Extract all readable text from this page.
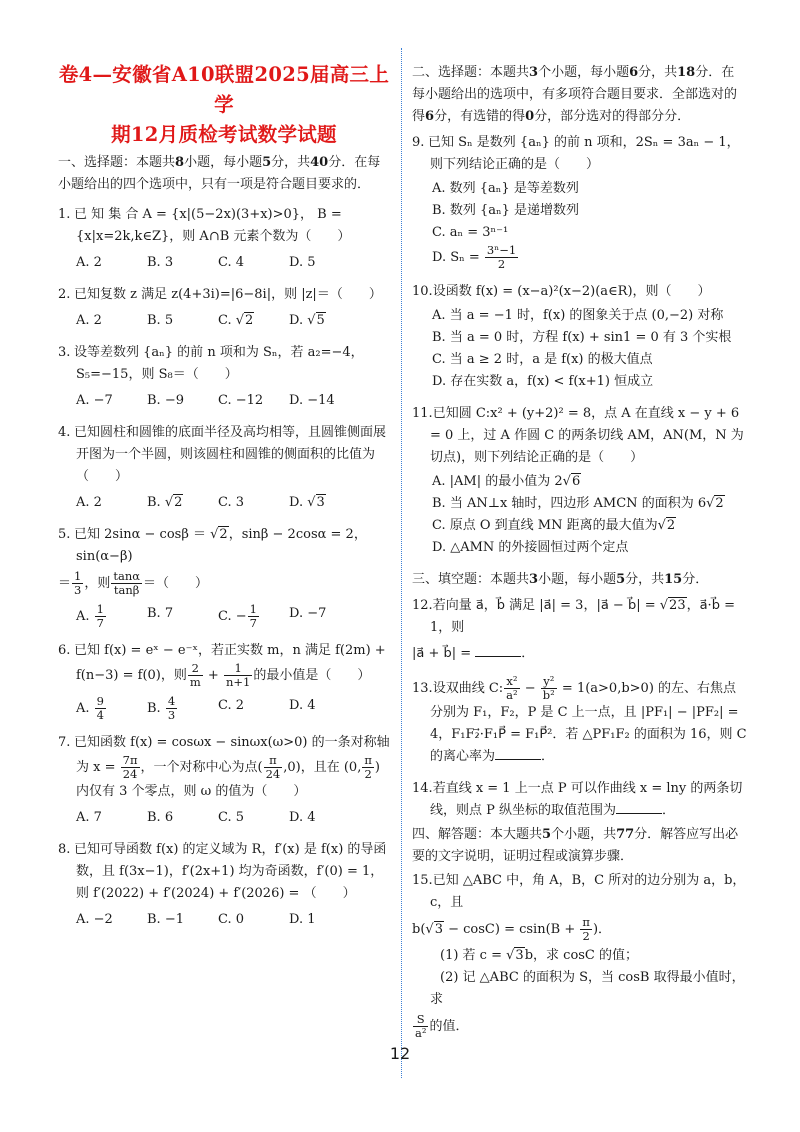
卷4—安徽省A10联盟2025届高三上学
期12月质检考试数学试题

一、选择题：本题共8小题，每小题5分，共40分．在每小题给出的四个选项中，只有一项是符合题目要求的．

1. 已 知 集 合 A = {x|(5−2x)(3+x)>0}， B = {x|x=2k,k∈Z}，则 A∩B 元素个数为（　　）

A. 2	B. 3	C. 4	D. 5

2. 已知复数 z 满足 z(4+3i)=|6−8i|，则 |z|＝（　　）

A. 2	B. 5	C. √2	D. √5

3. 设等差数列 {aₙ} 的前 n 项和为 Sₙ，若 a₂=−4，S₅=−15，则 S₈＝（　　）

A. −7	B. −9	C. −12	D. −14

4. 已知圆柱和圆锥的底面半径及高均相等，且圆锥侧面展开图为一个半圆，则该圆柱和圆锥的侧面积的比值为（　　）

A. 2	B. √2	C. 3	D. √3

5. 已知 2sinα − cosβ ＝ √2，sinβ − 2cosα = 2，sin(α−β)

＝ $\frac{1}{3}$ ，则 $\frac{\tan\alpha}{\tan\beta}$ ＝（　　）

A. $\frac{1}{7}$	B. 7	C. − $\frac{1}{7} D$. −7

6. 已知 f(x) = eˣ − e⁻ˣ，若正实数 m，n 满足 f(2m) + f(n−3) = f(0)，则 $\frac{2}{m} + \frac{1}{n+1}$ 的最小值是（　　）

A. $\frac{9}{4}$	B. $\frac{4}{3}$	C. 2	D. 4

7. 已知函数 f(x) = cosωx − sinωx(ω>0) 的一条对称轴为 $x = \frac{7\pi}{24}$ ，一个对称中心为点( $\frac{\pi}{24} ,0$)，且在 (0, $\frac{\pi}{2}$ ) 内仅有 3 个零点，则 ω 的值为（　　）

A. 7	B. 6	C. 5	D. 4

8. 已知可导函数 f(x) 的定义域为 R，f′(x) 是 f(x) 的导函数，且 f(3x−1)，f′(2x+1) 均为奇函数，f′(0) = 1，则 f′(2022) + f′(2024) + f′(2026) = （　　）

A. −2	B. −1	C. 0	D. 1

二、选择题：本题共3个小题，每小题6分，共18分．在每小题给出的选项中，有多项符合题目要求．全部选对的得6分，有选错的得0分，部分选对的得部分分．

9. 已知 Sₙ 是数列 {aₙ} 的前 n 项和，2Sₙ = 3aₙ − 1，则下列结论正确的是（　　）

A. 数列 {aₙ} 是等差数列
B. 数列 {aₙ} 是递增数列
C. aₙ = 3ⁿ⁻¹
D. $S_n = \frac{\text{3ⁿ−1}}{2}$

10.设函数 f(x) = (x−a)²(x−2)(a∈R)，则（　　）

A. 当 a = −1 时，f(x) 的图象关于点 (0,−2) 对称
B. 当 a = 0 时，方程 f(x) + sin1 = 0 有 3 个实根
C. 当 a ≥ 2 时，a 是 f(x) 的极大值点
D. 存在实数 a，f(x) < f(x+1) 恒成立

11.已知圆 C:x² + (y+2)² = 8，点 A 在直线 x − y + 6 = 0 上，过 A 作圆 C 的两条切线 AM，AN(M，N 为切点)，则下列结论正确的是（　　）

A. |AM| 的最小值为 2√6
B. 当 AN⊥x 轴时，四边形 AMCN 的面积为 6√2
C. 原点 O 到直线 MN 距离的最大值为√2
D. △AMN 的外接圆恒过两个定点

三、填空题：本题共3小题，每小题5分，共15分．

12.若向量 a⃗，b⃗ 满足 |a⃗| = 3，|a⃗ − b⃗| = √23，a⃗·b⃗ = 1，则

|a⃗ + b⃗| =	．

13.设双曲线 C: $\frac{\text{x²}}{\text{a²}} - \frac{\text{y²}}{\text{b²}} = 1(a>0,b>0)$ 的左、右焦点分别为 F₁，F₂，P 是 C 上一点，且 |PF₁| − |PF₂| = 4，F₁F₂⃗·F₁P⃗ = F₁P⃗²．若 △PF₁F₂ 的面积为 16，则 C 的离心率为	．

14.若直线 x = 1 上一点 P 可以作曲线 x = lny 的两条切线，则点 P 纵坐标的取值范围为	．

四、解答题：本大题共5个小题，共77分．解答应写出必要的文字说明，证明过程或演算步骤．

15.已知 △ABC 中，角 A，B，C 所对的边分别为 a，b，c，且

$b(√3 - \cos C) = csin(B + \frac{\pi}{2}$ )．

(1) 若 c = √3b，求 cosC 的值；

(2) 记 △ABC 的面积为 S，当 cosB 取得最小值时，求

$\frac{S}{\text{a²}}$ 的值．

12
